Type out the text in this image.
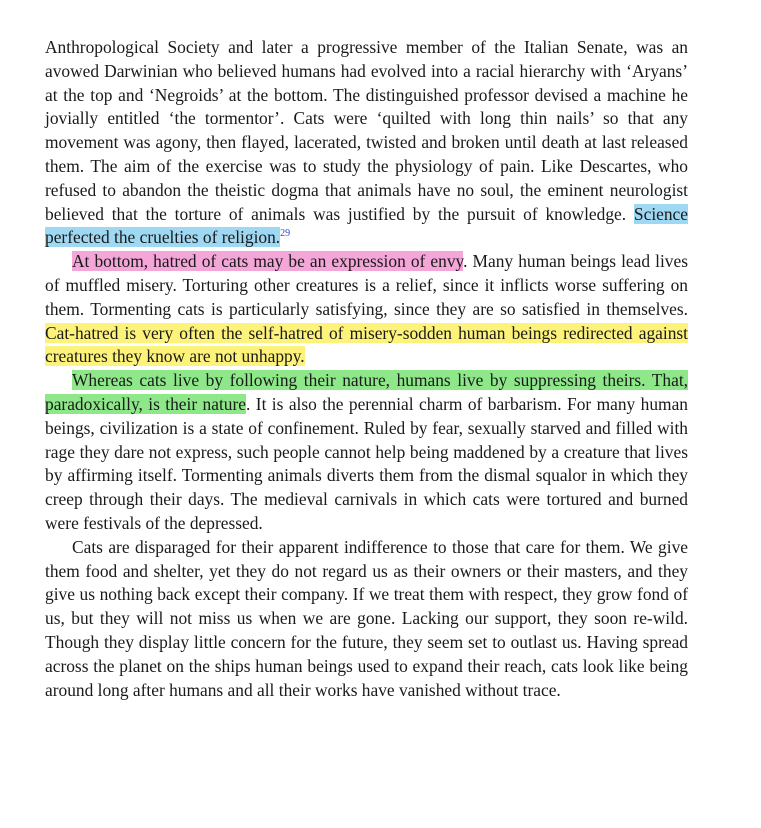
Anthropological Society and later a progressive member of the Italian Senate, was an avowed Darwinian who believed humans had evolved into a racial hierarchy with ‘Aryans’ at the top and ‘Negroids’ at the bottom. The distinguished professor devised a machine he jovially entitled ‘the tormentor’. Cats were ‘quilted with long thin nails’ so that any movement was agony, then flayed, lacerated, twisted and broken until death at last released them. The aim of the exercise was to study the physiology of pain. Like Descartes, who refused to abandon the theistic dogma that animals have no soul, the eminent neurologist believed that the torture of animals was justified by the pursuit of knowledge. Science perfected the cruelties of religion.$^{29}$

At bottom, hatred of cats may be an expression of envy. Many human beings lead lives of muffled misery. Torturing other creatures is a relief, since it inflicts worse suffering on them. Tormenting cats is particularly satisfying, since they are so satisfied in themselves. Cat-hatred is very often the self-hatred of misery-sodden human beings redirected against creatures they know are not unhappy.

Whereas cats live by following their nature, humans live by suppressing theirs. That, paradoxically, is their nature. It is also the perennial charm of barbarism. For many human beings, civilization is a state of confinement. Ruled by fear, sexually starved and filled with rage they dare not express, such people cannot help being maddened by a creature that lives by affirming itself. Tormenting animals diverts them from the dismal squalor in which they creep through their days. The medieval carnivals in which cats were tortured and burned were festivals of the depressed.

Cats are disparaged for their apparent indifference to those that care for them. We give them food and shelter, yet they do not regard us as their owners or their masters, and they give us nothing back except their company. If we treat them with respect, they grow fond of us, but they will not miss us when we are gone. Lacking our support, they soon re-wild. Though they display little concern for the future, they seem set to outlast us. Having spread across the planet on the ships human beings used to expand their reach, cats look like being around long after humans and all their works have vanished without trace.
